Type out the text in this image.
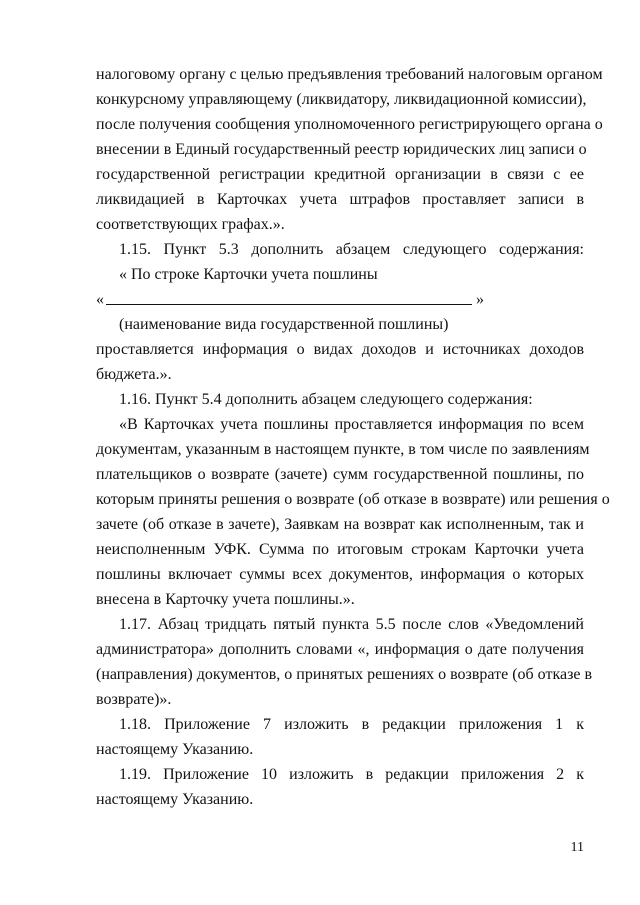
налоговому органу с целью предъявления требований налоговым органом
конкурсному управляющему (ликвидатору, ликвидационной комиссии),
после получения сообщения уполномоченного регистрирующего органа о
внесении в Единый государственный реестр юридических лиц записи о
государственной регистрации кредитной организации в связи с ее
ликвидацией в Карточках учета штрафов проставляет записи в
соответствующих графах.».
1.15. Пункт 5.3 дополнить абзацем следующего содержания:
« По строке Карточки учета пошлины
«	»
(наименование вида государственной пошлины)
проставляется информация о видах доходов и источниках доходов
бюджета.».
1.16. Пункт 5.4 дополнить абзацем следующего содержания:
«В Карточках учета пошлины проставляется информация по всем
документам, указанным в настоящем пункте, в том числе по заявлениям
плательщиков о возврате (зачете) сумм государственной пошлины, по
которым приняты решения о возврате (об отказе в возврате) или решения о
зачете (об отказе в зачете), Заявкам на возврат как исполненным, так и
неисполненным УФК. Сумма по итоговым строкам Карточки учета
пошлины включает суммы всех документов, информация о которых
внесена в Карточку учета пошлины.».
1.17. Абзац тридцать пятый пункта 5.5 после слов «Уведомлений
администратора» дополнить словами «, информация о дате получения
(направления) документов, о принятых решениях о возврате (об отказе в
возврате)».
1.18. Приложение 7 изложить в редакции приложения 1 к
настоящему Указанию.
1.19. Приложение 10 изложить в редакции приложения 2 к
настоящему Указанию.
11
